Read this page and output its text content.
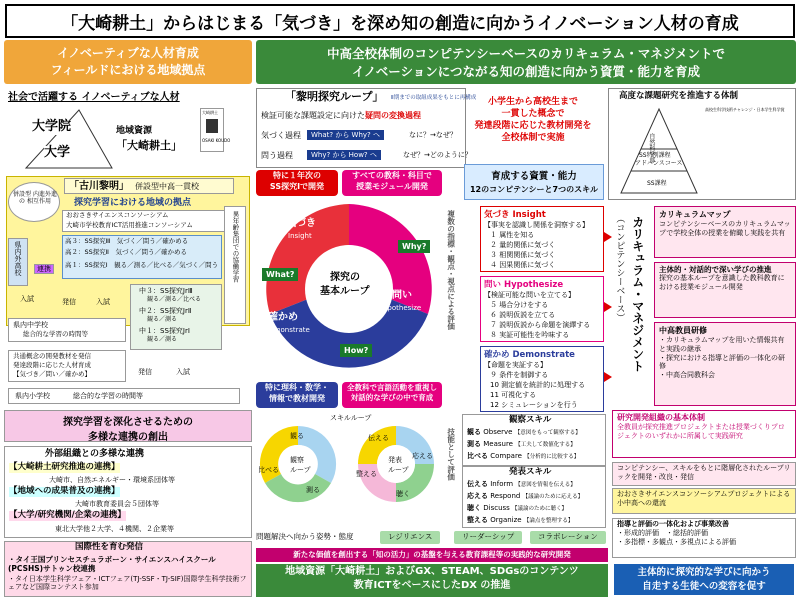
「大崎耕土」からはじまる「気づき」を深め知の創造に向かうイノベーション人材の育成
イノベーティブな人材育成
フィールドにおける地域拠点
中高全校体制のコンピテンシーベースのカリキュラム・マネジメントで
イノベーションにつながる知の創造に向かう資質・能力を育成
社会で活躍する イノベーティブな人材
大学院
大学
地域資源
「大崎耕土」
大崎耕土
OSAKI KOUDO
「古川黎明」 併設型中高一貫校
探究学習における地域の拠点
併設型 内進外進の 相互作用
おおさきサイエンスコンソーシアム
大崎市学校教育ICT活用推進コンソーシアム
高３：SS探究Ⅲ　気づく／問う／確かめる
高２：SS探究Ⅱ　気づく／問う／確かめる
高１：SS探究Ⅰ　観る／測る／比べる／気づく／問う
県内外高校	連携	異年齢集団での協働学習
中３：SS探究JrⅢ
観る／測る／比べる
中２：SS探究JrⅡ
観る／測る
中１：SS探究JrⅠ
観る／測る
入試	発信	入試
県内中学校
総合的な学習の時間等
共通概念の開発教材を発信
発達段階に応じた人材育成
【気づき／問い／確かめ】	発信	入試
県内小学校	総合的な学習の時間等
探究学習を深化させるための
多様な連携の創出
外部組織との多様な連携
【大崎耕土研究推進の連携】
大崎市、自然エネルギー・環境系団体等
【地域への成果普及の連携】
大崎市教育委員会５団体等
【大学/研究機関/企業の連携】
東北大学他２大学、４機関、２企業等
国際性を育む発信
・タイ王国プリンセスチュラボーン・サイエンスハイスクール(PCSHS)サトゥン校連携
・タイ日本学生科学フェア・ICTフェア(TJ-SSF・TJ-SIF)国際学生科学技術フェアなど国際コンテスト参加
「黎明探究ループ」 Ⅱ期までの取組成果をもとに再構成
検証可能な課題設定に向けた疑問の変換過程
気づく過程	What? から Why? へ	なに？→なぜ？
問う過程	Why? から How? へ	なぜ？→どのように？
小学生から高校生まで
一貫した概念で
発達段階に応じた教材開発を
全校体制で実施
特に１年次の
SS探究Ⅰで開発
すべての教科・科目で
授業モジュール開発
気づき
Insight
問い
Hypothesize
確かめ
Demonstrate
探究の
基本ループ
What?
Why?
How?
特に理科・数学・
情報で教材開発
全教科で言語活動を重視し
対話的な学びの中で育成
スキルループ
観る
比べる
測る
観察
ループ
伝える
応える
整える
聴く
発表
ループ
複数の指標・観点・視点による評価
技能として評価
育成する資質・能力
12のコンピテンシーと7つのスキル
気づき Insight
【事実を認識し関係を洞察する】
１ 属性を知る
２ 量的関係に気づく
３ 相関関係に気づく
４ 因果関係に気づく
問い Hypothesize
【検証可能な問いを立てる】
５ 場合分けをする
６ 説明仮説を立てる
７ 説明仮説から命題を演繹する
８ 実証可能性を吟味する
確かめ Demonstrate
【命題を実証する】
９ 条件を制御する
10 測定値を統計的に処理する
11 可視化する
12 シミュレーションを行う
観察スキル
観る Observe 【意図をもって観察する】
測る Measure 【工夫して数値化する】
比べる Compare 【分析的に比較する】
発表スキル
伝える Inform 【意図を情報を伝える】
応える Respond 【議論のために応える】
聴く Discuss 【議論のために聴く】
整える Organize 【論点を整理する】
問題解決へ向かう姿勢・態度	レジリエンス	リーダーシップ	コラボレーション
新たな価値を創出する「知の活力」の基盤を与える教育課程等の実践的な研究開発
地域資源「大崎耕土」およびGX、STEAM、SDGsのコンテンツ
教育ICTをベースにしたDX の推進
高度な課題研究を推進する体制
自然科学部
SS特別課程
アドバンスコース
SS課程
高校生科学技術チャレンジ・日本学生科学賞
カリキュラム・マネジメント
（コンピテンシーベース）	カリキュラムマップ
コンピテンシーベースのカリキュラムマップで学校全体の授業を俯瞰し実践を共有
主体的・対話的で深い学びの推進
探究の基本ループを意識した教科教育における授業モジュール開発
中高教員研修
・カリキュラムマップを用いた情報共有と実践の継承
・探究における指導と評価の一体化の研修
・中高合同教科会
研究開発組織の基本体制
全教員が探究推進プロジェクトまたは授業づくりプロジェクトのいずれかに所属して実践研究
コンピテンシー、スキルをもとに階層化されたルーブリックを開発・改良・発信
おおさきサイエンスコンソーシアムプロジェクトによる小中高への還流
指導と評価の一体化および事業改善
・形成的評価　・総括的評価
・多指標・多観点・多視点による評価
主体的に探究的な学びに向かう
自走する生徒への変容を促す
